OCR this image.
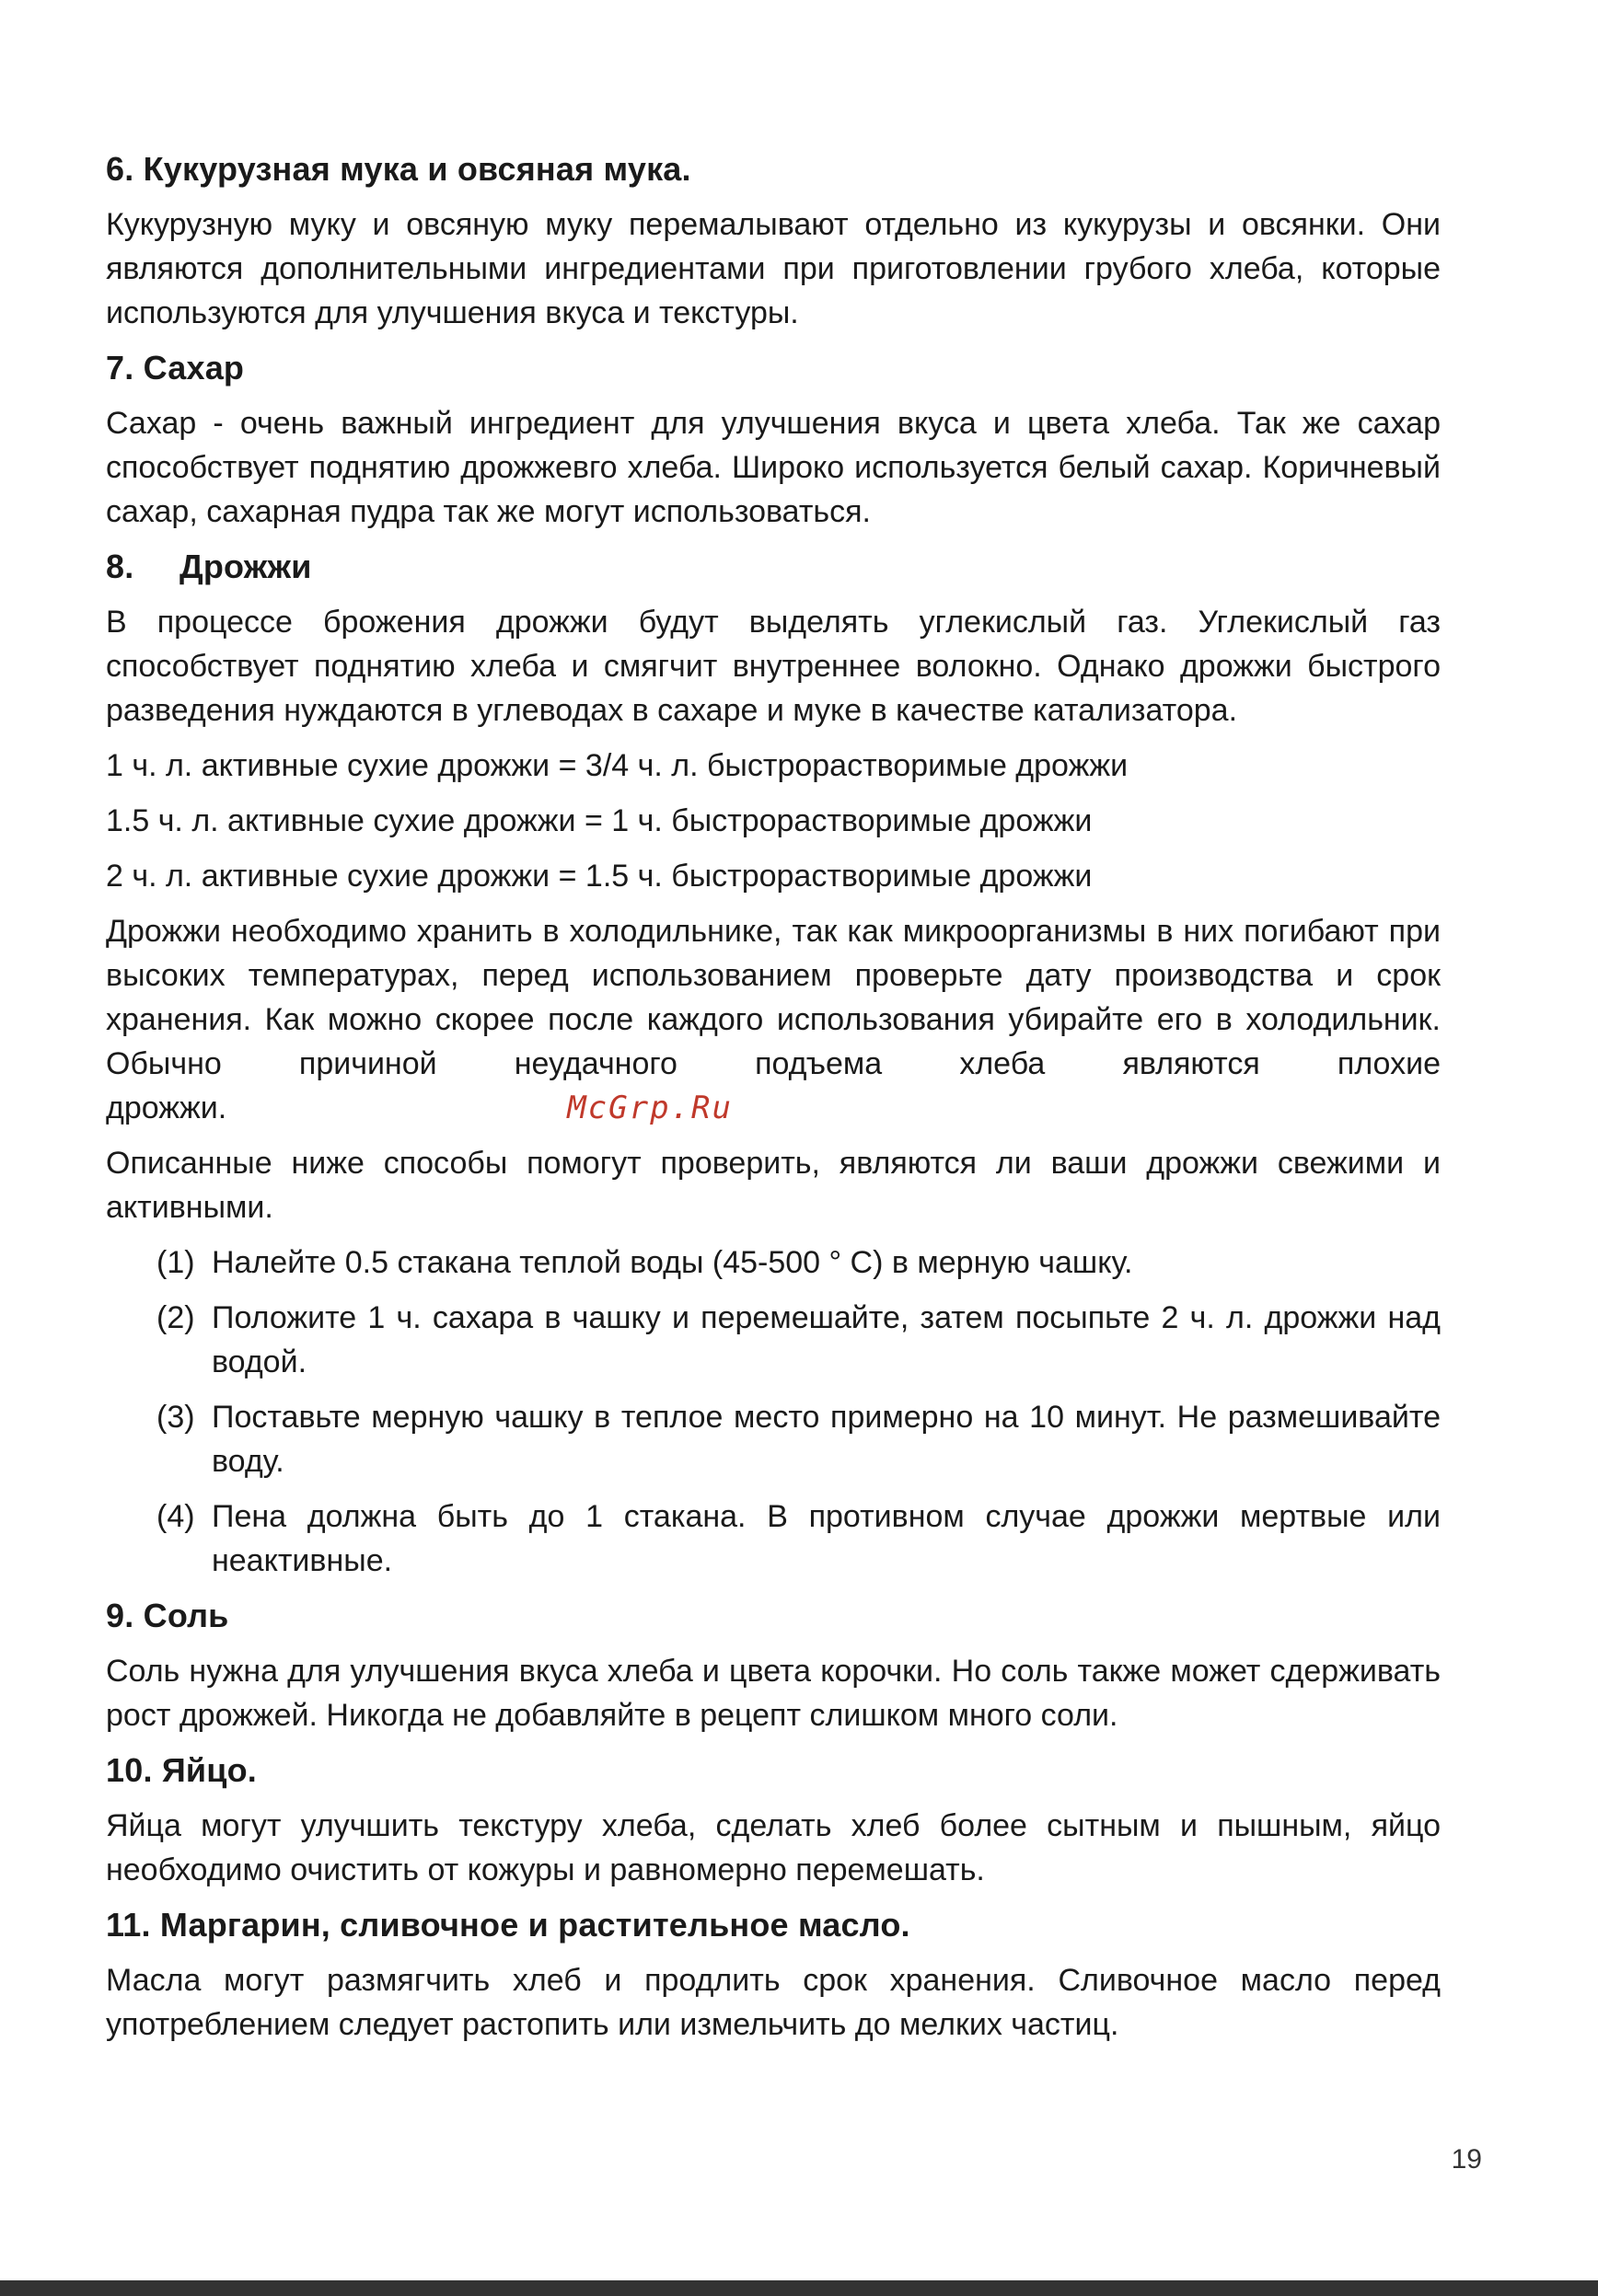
6. Кукурузная мука и овсяная мука.

Кукурузную муку и овсяную муку перемалывают отдельно из кукурузы и овсянки. Они являются дополнительными ингредиентами при приготовлении грубого хлеба, которые используются для улучшения вкуса и текстуры.

7. Сахар

Сахар - очень важный ингредиент для улучшения вкуса и цвета хлеба. Так же сахар способствует поднятию дрожжевго хлеба. Широко используется белый сахар. Коричневый сахар, сахарная пудра так же могут использоваться.

8. Дрожжи

В процессе брожения дрожжи будут выделять углекислый газ. Углекислый газ способствует поднятию хлеба и смягчит внутреннее волокно. Однако дрожжи быстрого разведения нуждаются в углеводах в сахаре и муке в качестве катализатора.

1 ч. л. активные сухие дрожжи = 3/4 ч. л. быстрорастворимые дрожжи

1.5 ч. л. активные сухие дрожжи = 1 ч. быстрорастворимые дрожжи

2 ч. л. активные сухие дрожжи = 1.5 ч. быстрорастворимые дрожжи

Дрожжи необходимо хранить в холодильнике, так как микроорганизмы в них погибают при высоких температурах, перед использованием проверьте дату производства и срок хранения. Как можно скорее после каждого использования убирайте его в холодильник. Обычно причиной неудачного подъема хлеба являются плохие дрожжи.	McGrp.Ru

Описанные ниже способы помогут проверить, являются ли ваши дрожжи свежими и активными.

(1) Налейте 0.5 стакана теплой воды (45-500 ° С) в мерную чашку.
(2) Положите 1 ч. сахара в чашку и перемешайте, затем посыпьте 2 ч. л. дрожжи над водой.
(3) Поставьте мерную чашку в теплое место примерно на 10 минут. Не размешивайте воду.
(4) Пена должна быть до 1 стакана. В противном случае дрожжи мертвые или неактивные.
9. Соль

Соль нужна для улучшения вкуса хлеба и цвета корочки. Но соль также может сдерживать рост дрожжей. Никогда не добавляйте в рецепт слишком много соли.

10. Яйцо.

Яйца могут улучшить текстуру хлеба, сделать хлеб более сытным и пышным, яйцо необходимо очистить от кожуры и равномерно перемешать.

11. Маргарин, сливочное и растительное масло.

Масла могут размягчить хлеб и продлить срок хранения. Сливочное масло перед употреблением следует растопить или измельчить до мелких частиц.

19
